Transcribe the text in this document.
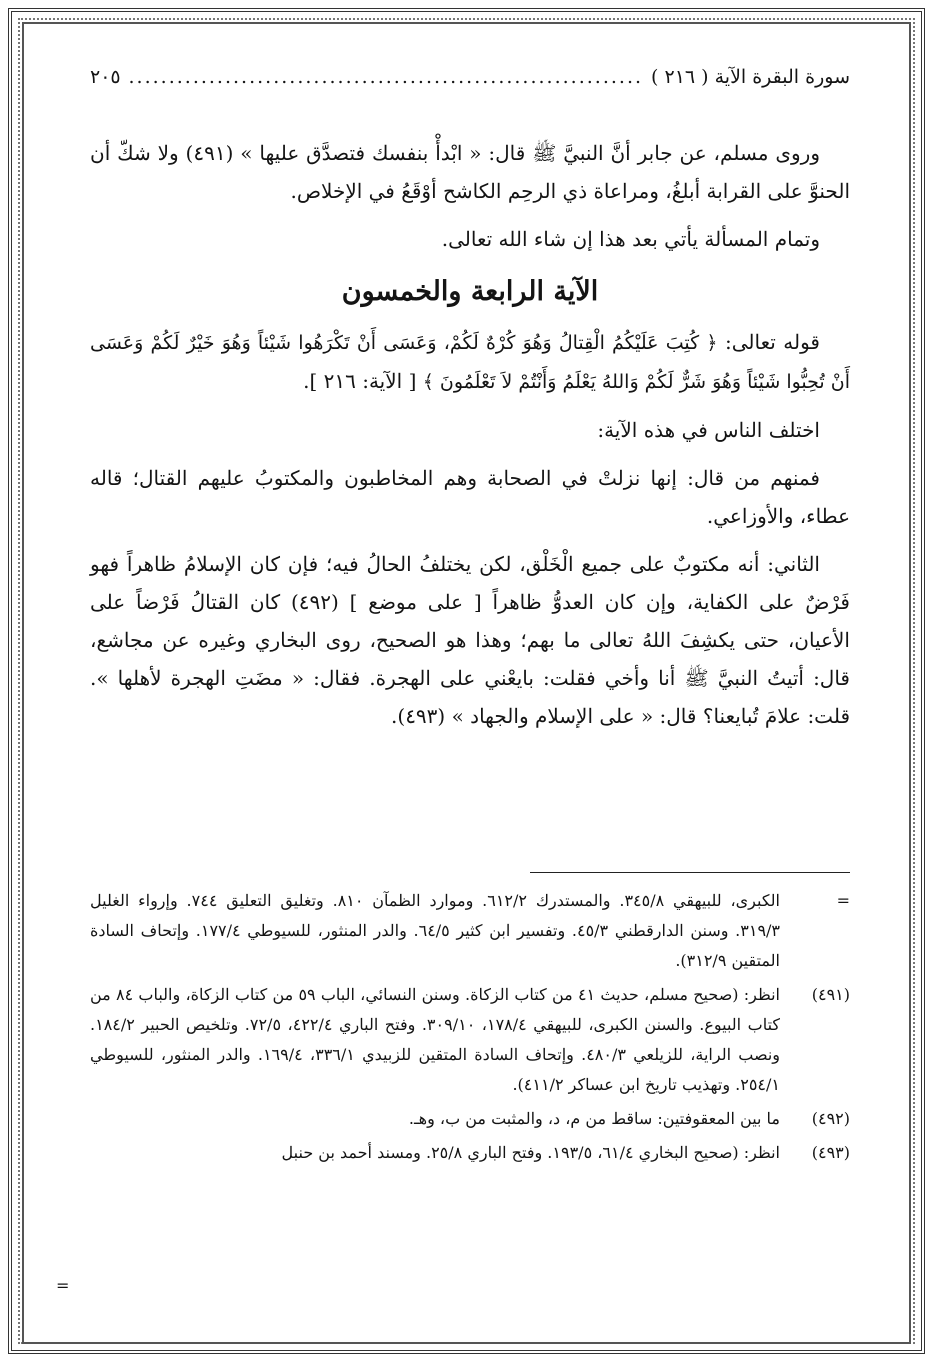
سورة البقرة الآية ( ٢١٦ )
.....
٢٠٥

وروى مسلم، عن جابر أنَّ النبيَّ ﷺ قال: « ابْدأْ بنفسك فتصدَّق عليها » (٤٩١) ولا شكّ أن الحنوَّ على القرابة أبلغُ، ومراعاة ذي الرحِم الكاشح أوْقَعُ في الإخلاص.

وتمام المسألة يأتي بعد هذا إن شاء الله تعالى.

الآية الرابعة والخمسون

قوله تعالى: ﴿ كُتِبَ عَلَيْكُمُ الْقِتالُ وَهُوَ كُرْهٌ لَكُمْ، وَعَسَى أَنْ تَكْرَهُوا شَيْئاً وَهُوَ خَيْرٌ لَكُمْ وَعَسَى أَنْ تُحِبُّوا شَيْئاً وَهُوَ شَرٌّ لَكُمْ وَاللهُ يَعْلَمُ وَأَنْتُمْ لاَ تَعْلَمُونَ ﴾ [ الآية: ٢١٦ ].

اختلف الناس في هذه الآية:

فمنهم من قال: إنها نزلتْ في الصحابة وهم المخاطبون والمكتوبُ عليهم القتال؛ قاله عطاء، والأوزاعي.

الثاني: أنه مكتوبٌ على جميع الْخَلْق، لكن يختلفُ الحالُ فيه؛ فإن كان الإسلامُ ظاهراً فهو فَرْضٌ على الكفاية، وإن كان العدوُّ ظاهراً [ على موضع ] (٤٩٢) كان القتالُ فَرْضاً على الأعيان، حتى يكشِفَ اللهُ تعالى ما بهم؛ وهذا هو الصحيح، روى البخاري وغيره عن مجاشع، قال: أتيتُ النبيَّ ﷺ أنا وأخي فقلت: بايعْني على الهجرة. فقال: « مضَتِ الهجرة لأهلها ». قلت: علامَ تُبايعنا؟ قال: « على الإسلام والجهاد » (٤٩٣).

=
الكبرى، للبيهقي ٣٤٥/٨. والمستدرك ٦١٢/٢. وموارد الظمآن ٨١٠. وتغليق التعليق ٧٤٤. وإرواء الغليل ٣١٩/٣. وسنن الدارقطني ٤٥/٣. وتفسير ابن كثير ٦٤/٥. والدر المنثور، للسيوطي ١٧٧/٤. وإتحاف السادة المتقين ٣١٢/٩).
(٤٩١)
انظر: (صحيح مسلم، حديث ٤١ من كتاب الزكاة. وسنن النسائي، الباب ٥٩ من كتاب الزكاة، والباب ٨٤ من كتاب البيوع. والسنن الكبرى، للبيهقي ١٧٨/٤، ٣٠٩/١٠. وفتح الباري ٤٢٢/٤، ٧٢/٥. وتلخيص الحبير ١٨٤/٢. ونصب الراية، للزيلعي ٤٨٠/٣. وإتحاف السادة المتقين للزبيدي ٣٣٦/١، ١٦٩/٤. والدر المنثور، للسيوطي ٢٥٤/١. وتهذيب تاريخ ابن عساكر ٤١١/٢).
(٤٩٢)
ما بين المعقوفتين: ساقط من م، د، والمثبت من ب، وهـ.
(٤٩٣)
انظر: (صحيح البخاري ٦١/٤، ١٩٣/٥. وفتح الباري ٢٥/٨. ومسند أحمد بن حنبل
=
